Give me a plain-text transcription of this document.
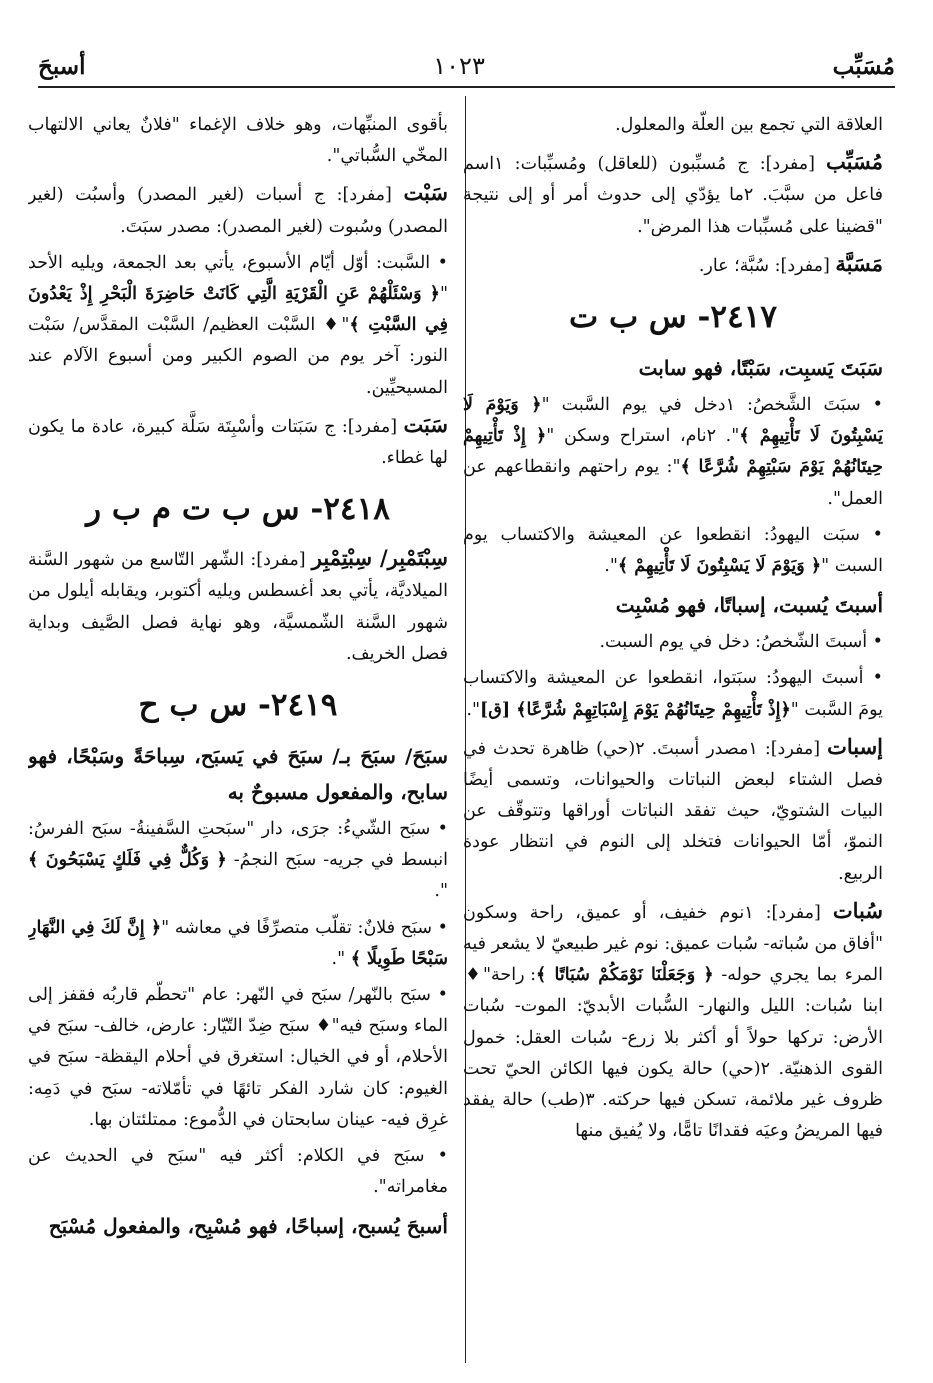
مُسَبِّب
١٠٢٣
أسبحَ

العلاقة التي تجمع بين العلّة والمعلول.

مُسَبِّب [مفرد]: ج مُسبِّبون (للعاقل) ومُسبِّبات: ١اسم فاعل من سبَّبَ. ٢ما يؤدّي إلى حدوث أمر أو إلى نتيجة "قضينا على مُسبِّبات هذا المرض".

مَسَبَّة [مفرد]: سُبَّة؛ عار.

٢٤١٧- س ب ت
سَبَتَ يَسبِت، سَبْتًا، فهو سابت

• سبَتَ الشَّخصُ: ١دخل في يوم السَّبت "﴿ وَيَوْمَ لَا يَسْبِتُونَ لَا تَأْتِيهِمْ ﴾". ٢نام، استراح وسكن "﴿ إِذْ تَأْتِيهِمْ حِيتَانُهُمْ يَوْمَ سَبْتِهِمْ شُرَّعًا ﴾": يوم راحتهم وانقطاعهم عن العمل".

• سبَت اليهودُ: انقطعوا عن المعيشة والاكتساب يوم السبت "﴿ وَيَوْمَ لَا يَسْبِتُونَ لَا تَأْتِيهِمْ ﴾".

أسبتَ يُسبت، إسباتًا، فهو مُسْبِت

• أسبتَ الشّخصُ: دخل في يوم السبت.

• أسبتَ اليهودُ: سبَتوا، انقطعوا عن المعيشة والاكتساب يومَ السَّبت "﴿إِذْ تَأْتِيهِمْ حِيتَانُهُمْ يَوْمَ إِسْبَاتِهِمْ شُرَّعًا﴾ [ق]".

إسبات [مفرد]: ١مصدر أسبتَ. ٢(حي) ظاهرة تحدث في فصل الشتاء لبعض النباتات والحيوانات، وتسمى أيضًا البيات الشتويّ، حيث تفقد النباتات أوراقها وتتوقّف عن النموّ، أمّا الحيوانات فتخلد إلى النوم في انتظار عودة الربيع.

سُبات [مفرد]: ١نوم خفيف، أو عميق، راحة وسكون "أفاق من سُباته- سُبات عميق: نوم غير طبيعيّ لا يشعر فيه المرء بما يجري حوله- ﴿ وَجَعَلْنَا نَوْمَكُمْ سُبَاتًا ﴾: راحة"♦ ابنا سُبات: الليل والنهار- السُّبات الأبديّ: الموت- سُبات الأرض: تركها حولاً أو أكثر بلا زرع- سُبات العقل: خمول القوى الذهنيّة. ٢(حي) حالة يكون فيها الكائن الحيّ تحت ظروف غير ملائمة، تسكن فيها حركته. ٣(طب) حالة يفقد فيها المريضُ وعيَه فقدانًا تامًّا، ولا يُفيق منها

بأقوى المنبِّهات، وهو خلاف الإغماء "فلانٌ يعاني الالتهاب المخّي السُّباتي".

سَبْت [مفرد]: ج أسبات (لغير المصدر) وأسبُت (لغير المصدر) وسُبوت (لغير المصدر): مصدر سبَتَ.

• السَّبت: أوّل أيّام الأسبوع، يأتي بعد الجمعة، ويليه الأحد "﴿ وَسْئَلْهُمْ عَنِ الْقَرْيَةِ الَّتِي كَانَتْ حَاضِرَةَ الْبَحْرِ إِذْ يَعْدُونَ فِي السَّبْتِ ﴾"♦ السَّبْت العظيم/ السَّبْت المقدَّس/ سَبْت النور: آخر يوم من الصوم الكبير ومن أسبوع الآلام عند المسيحيِّين.

سَبَت [مفرد]: ج سَبَتات وأسْبِتَة سَلَّة كبيرة، عادة ما يكون لها غطاء.

٢٤١٨- س ب ت م ب ر

سِبْتَمْبِر/ سِبْتِمْبِر [مفرد]: الشّهر التّاسع من شهور السَّنة الميلاديَّة، يأتي بعد أغسطس ويليه أكتوبر، ويقابله أيلول من شهور السَّنة الشّمسيَّة، وهو نهاية فصل الصَّيف وبداية فصل الخريف.

٢٤١٩- س ب ح
سبَحَ/ سبَحَ بـ/ سبَحَ في يَسبَح، سِباحَةً وسَبْحًا، فهو سابح، والمفعول مسبوحٌ به

• سبَح الشّيءُ: جرَى، دار "سبَحتِ السَّفينةُ- سبَح الفرسُ: انبسط في جريه- سبَح النجمُ- ﴿ وَكُلٌّ فِي فَلَكٍ يَسْبَحُونَ ﴾ ".

• سبَح فلانٌ: تقلّب متصرِّفًا في معاشه "﴿ إِنَّ لَكَ فِي النَّهَارِ سَبْحًا طَوِيلًا ﴾ ".

• سبَح بالنّهر/ سبَح في النّهر: عام "تحطّم قاربُه فقفز إلى الماء وسبَح فيه"♦ سبَح ضِدّ التّيّار: عارض، خالف- سبَح في الأحلام، أو في الخيال: استغرق في أحلام اليقظة- سبَح في الغيوم: كان شارد الفكر تائهًا في تأمّلاته- سبَح في دَمِه: غرِق فيه- عينان سابحتان في الدُّموع: ممتلئتان بها.

• سبَح في الكلام: أكثر فيه "سبَح في الحديث عن مغامراته".

أسبحَ يُسبح، إسباحًا، فهو مُسْبِح، والمفعول مُسْبَح
